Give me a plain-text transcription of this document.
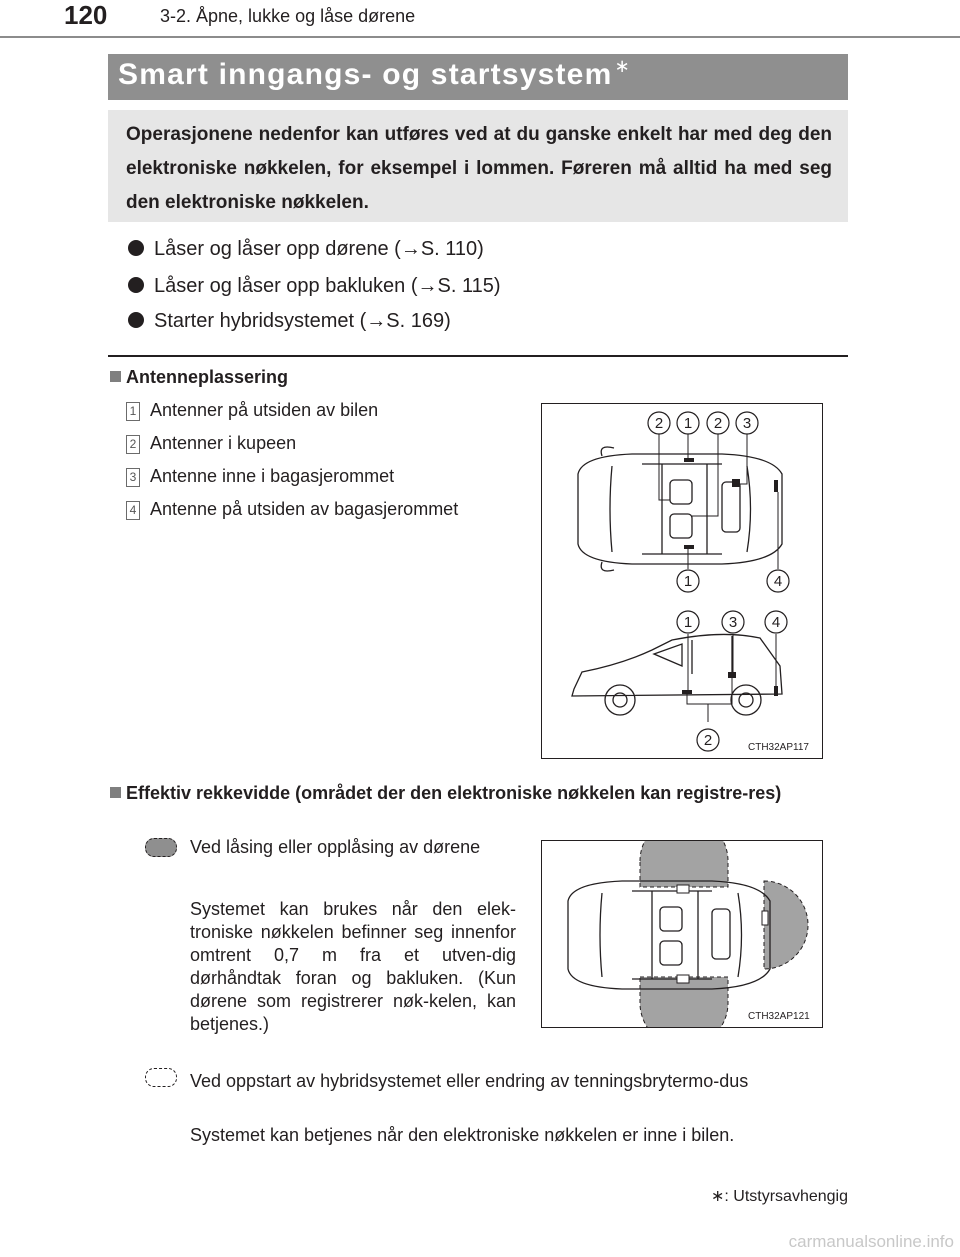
120	3-2. Åpne, lukke og låse dørene
Smart inngangs- og startsystem ∗
Operasjonene nedenfor kan utføres ved at du ganske enkelt har med deg den elektroniske nøkkelen, for eksempel i lommen. Føreren må alltid ha med seg den elektroniske nøkkelen.
Låser og låser opp dørene (→S. 110)
Låser og låser opp bakluken (→S. 115)
Starter hybridsystemet (→S. 169)
Antenneplassering
1 Antenner på utsiden av bilen
2 Antenner i kupeen
3 Antenne inne i bagasjerommet
4 Antenne på utsiden av bagasjerommet
2 1 2 3
1	4
1 3 4
2	CTH32AP117
Effektiv rekkevidde (området der den elektroniske nøkkelen kan registre-res)
Ved låsing eller opplåsing av dørene
Systemet kan brukes når den elek-troniske nøkkelen befinner seg innenfor omtrent 0,7 m fra et utven-dig dørhåndtak foran og bakluken. (Kun dørene som registrerer nøk-kelen, kan betjenes.)	CTH32AP121
Ved oppstart av hybridsystemet eller endring av tenningsbrytermo-dus
Systemet kan betjenes når den elektroniske nøkkelen er inne i bilen.
∗: Utstyrsavhengig
carmanualsonline.info
